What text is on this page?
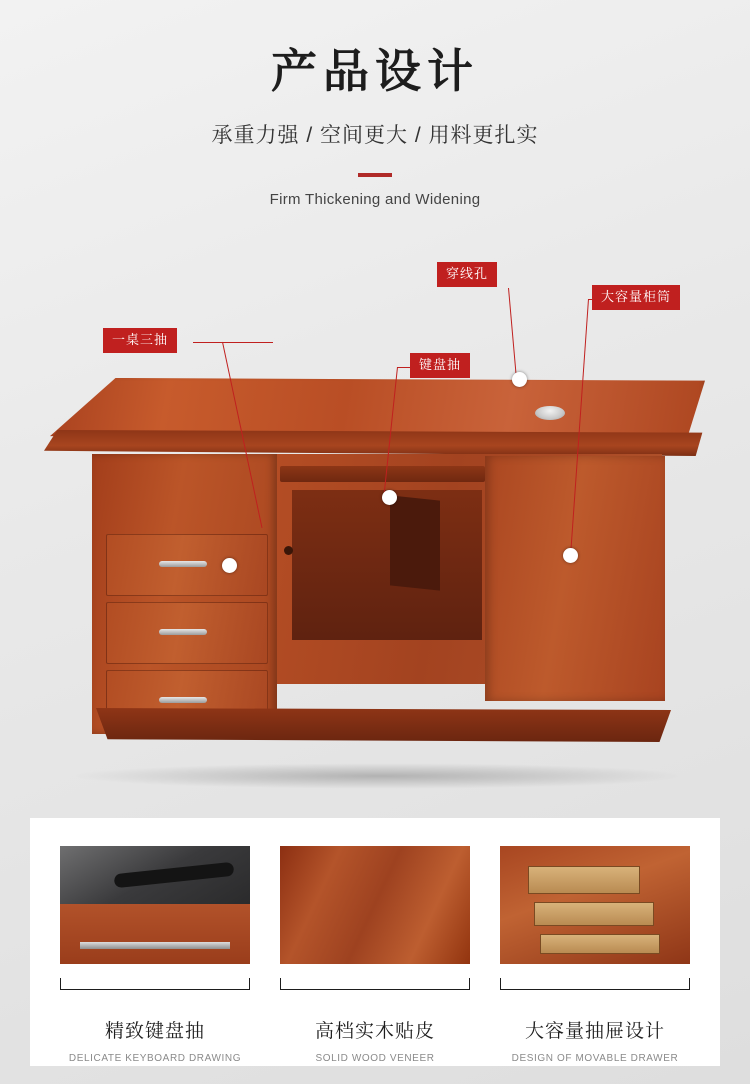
产品设计
承重力强 / 空间更大 / 用料更扎实
Firm Thickening and Widening
一桌三抽
键盘抽
穿线孔
大容量柜筒
精致键盘抽
DELICATE KEYBOARD DRAWING
高档实木贴皮
SOLID WOOD VENEER
大容量抽屉设计
DESIGN OF MOVABLE DRAWER
